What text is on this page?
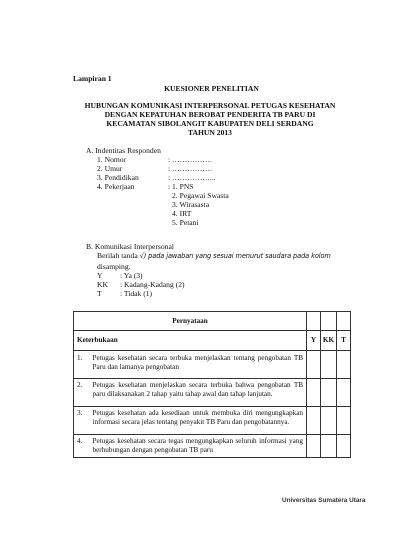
Lampiran 1
KUESIONER PENELITIAN
HUBUNGAN KOMUNIKASI INTERPERSONAL PETUGAS KESEHATAN
DENGAN KEPATUHAN BEROBAT PENDERITA TB PARU DI
KECAMATAN SIBOLANGIT KABUPATEN DELI SERDANG
TAHUN 2013
A. Indentitas Responden
1. Nomor	: …………….
2. Umur	: …………….
3. Pendidikan	: ……………...
4. Pekerjaan	: 1. PNS
2. Pegawai Swasta
3. Wirasasta
4. IRT
5. Petani
B. Komunikasi Interpersonal
Berilah tanda √) pada jawaban yang sesuai menurut saudara pada kolom
disamping.
Y : Ya (3)
KK : Kadang-Kadang (2)
T : Tidak (1)
Pernyataan				
Keterbukaan		Y	KK	T
1.	Petugas kesehatan secara terbuka menjelaskan tentang pengobatan TB Paru dan lamanya pengobatan			
2.	Petugas kesehatan menjelaskan secara terbuka bahwa pengobatan TB paru dilaksanakan 2 tahap yaitu tahap awal dan tahap lanjutan.			
3.	Petugas kesehatan ada kesediaan untuk membuka diri mengungkapkan informasi secara jelas tentang penyakit TB Paru dan pengobatannya.			
4.	Petugas kesehatan secara tegas mengungkapkan seluruh informasi yang berhubungan dengan pengobatan TB paru			
Universitas Sumatera Utara
